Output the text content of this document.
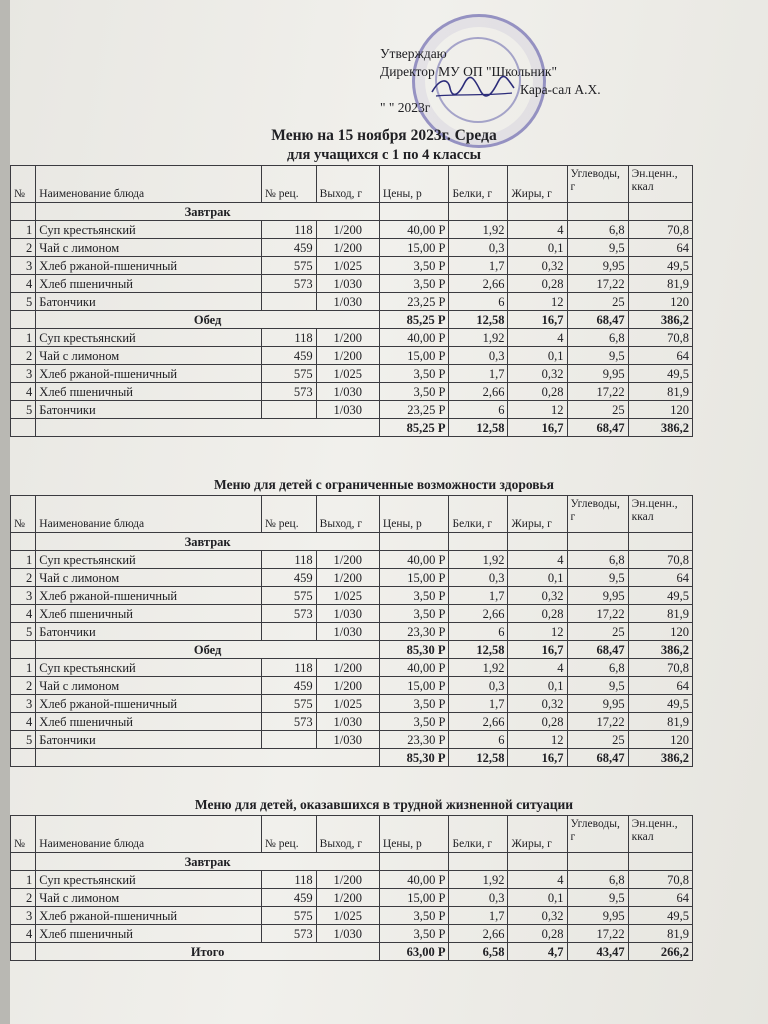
Утверждаю
Директор МУ ОП "Школьник"
Кара-сал А.Х.
" " 2023г
Меню на 15 ноября 2023г. Среда
для учащихся с 1 по 4 классы
№	Наименование блюда	№ рец.	Выход, г	Цены, р	Белки, г	Жиры, г	Углеводы, г	Эн.ценн., ккал
	Завтрак							
1	Суп крестьянский	118	1/200	40,00 Р	1,92	4	6,8	70,8
2	Чай с лимоном	459	1/200	15,00 Р	0,3	0,1	9,5	64
3	Хлеб ржаной-пшеничный	575	1/025	3,50 Р	1,7	0,32	9,95	49,5
4	Хлеб пшеничный	573	1/030	3,50 Р	2,66	0,28	17,22	81,9
5	Батончики		1/030	23,25 Р	6	12	25	120
	Обед			85,25 Р	12,58	16,7	68,47	386,2
1	Суп крестьянский	118	1/200	40,00 Р	1,92	4	6,8	70,8
2	Чай с лимоном	459	1/200	15,00 Р	0,3	0,1	9,5	64
3	Хлеб ржаной-пшеничный	575	1/025	3,50 Р	1,7	0,32	9,95	49,5
4	Хлеб пшеничный	573	1/030	3,50 Р	2,66	0,28	17,22	81,9
5	Батончики		1/030	23,25 Р	6	12	25	120
				85,25 Р	12,58	16,7	68,47	386,2
Меню для детей с ограниченные возможности здоровья
№	Наименование блюда	№ рец.	Выход, г	Цены, р	Белки, г	Жиры, г	Углеводы, г	Эн.ценн., ккал
	Завтрак							
1	Суп крестьянский	118	1/200	40,00 Р	1,92	4	6,8	70,8
2	Чай с лимоном	459	1/200	15,00 Р	0,3	0,1	9,5	64
3	Хлеб ржаной-пшеничный	575	1/025	3,50 Р	1,7	0,32	9,95	49,5
4	Хлеб пшеничный	573	1/030	3,50 Р	2,66	0,28	17,22	81,9
5	Батончики		1/030	23,30 Р	6	12	25	120
	Обед			85,30 Р	12,58	16,7	68,47	386,2
1	Суп крестьянский	118	1/200	40,00 Р	1,92	4	6,8	70,8
2	Чай с лимоном	459	1/200	15,00 Р	0,3	0,1	9,5	64
3	Хлеб ржаной-пшеничный	575	1/025	3,50 Р	1,7	0,32	9,95	49,5
4	Хлеб пшеничный	573	1/030	3,50 Р	2,66	0,28	17,22	81,9
5	Батончики		1/030	23,30 Р	6	12	25	120
				85,30 Р	12,58	16,7	68,47	386,2
Меню для детей, оказавшихся в трудной жизненной ситуации
№	Наименование блюда	№ рец.	Выход, г	Цены, р	Белки, г	Жиры, г	Углеводы, г	Эн.ценн., ккал
	Завтрак							
1	Суп крестьянский	118	1/200	40,00 Р	1,92	4	6,8	70,8
2	Чай с лимоном	459	1/200	15,00 Р	0,3	0,1	9,5	64
3	Хлеб ржаной-пшеничный	575	1/025	3,50 Р	1,7	0,32	9,95	49,5
4	Хлеб пшеничный	573	1/030	3,50 Р	2,66	0,28	17,22	81,9
	Итого			63,00 Р	6,58	4,7	43,47	266,2
